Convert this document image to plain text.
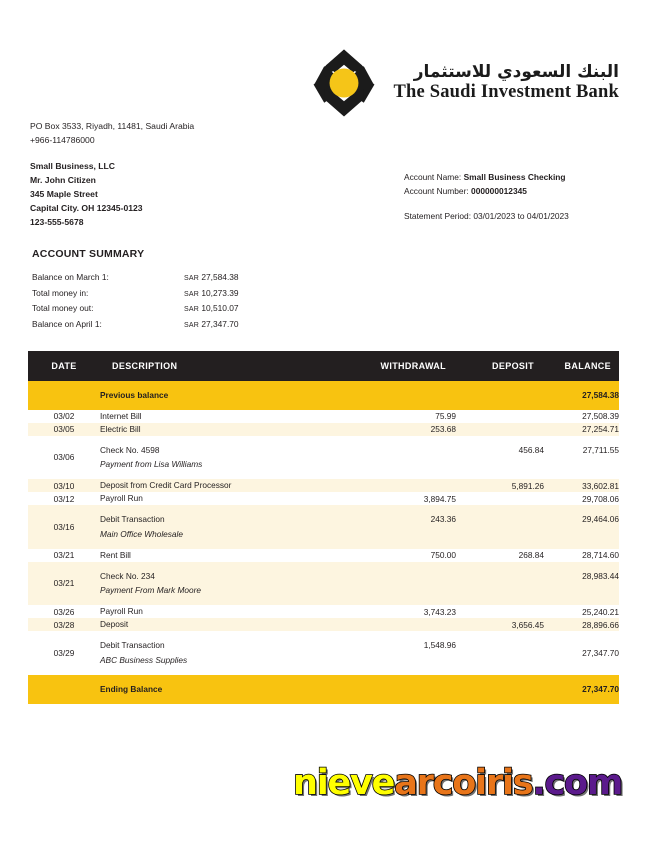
البنك السعودي للاستثمار
The Saudi Investment Bank
PO Box 3533, Riyadh, 11481, Saudi Arabia
+966-114786000
Small Business, LLC
Mr. John Citizen
345 Maple Street
Capital City. OH 12345-0123
123-555-5678
Account Name: Small Business Checking
Account Number: 000000012345
Statement Period: 03/01/2023 to 04/01/2023
ACCOUNT SUMMARY
Balance on March 1:	SAR 27,584.38
Total money in:	SAR 10,273.39
Total money out:	SAR 10,510.07
Balance on April 1:	SAR 27,347.70
DATE	DESCRIPTION	WITHDRAWAL	DEPOSIT	BALANCE
	Previous balance			27,584.38
03/02	Internet Bill	75.99		27,508.39
03/05	Electric Bill	253.68		27,254.71
03/06	Check No. 4598
Payment from Lisa Williams		456.84	27,711.55
03/10	Deposit from Credit Card Processor		5,891.26	33,602.81
03/12	Payroll Run	3,894.75		29,708.06
03/16	Debit Transaction
Main Office Wholesale	243.36		29,464.06
03/21	Rent Bill	750.00	268.84	28,714.60
03/21	Check No. 234
Payment From Mark Moore			28,983.44
03/26	Payroll Run	3,743.23		25,240.21
03/28	Deposit		3,656.45	28,896.66
03/29	Debit Transaction
ABC Business Supplies	1,548.96		27,347.70
	Ending Balance			27,347.70
nievearcoiris.com
